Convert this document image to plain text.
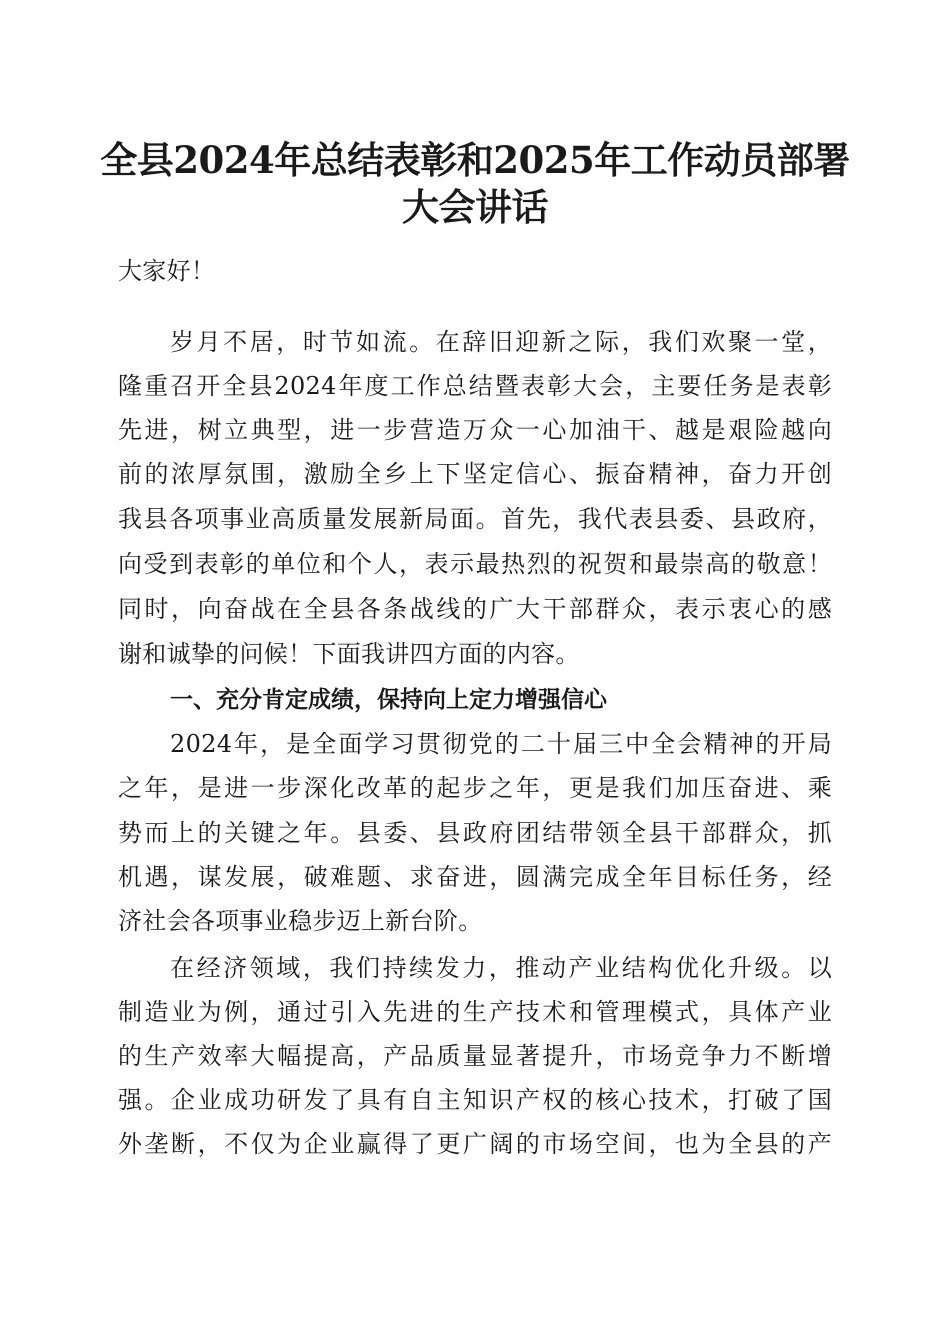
全县2024年总结表彰和2025年工作动员部署
大会讲话
大家好！
岁月不居，时节如流。在辞旧迎新之际，我们欢聚一堂，
隆重召开全县2024年度工作总结暨表彰大会，主要任务是表彰
先进，树立典型，进一步营造万众一心加油干、越是艰险越向
前的浓厚氛围，激励全乡上下坚定信心、振奋精神，奋力开创
我县各项事业高质量发展新局面。首先，我代表县委、县政府，
向受到表彰的单位和个人，表示最热烈的祝贺和最崇高的敬意！
同时，向奋战在全县各条战线的广大干部群众，表示衷心的感
谢和诚挚的问候！下面我讲四方面的内容。
一、充分肯定成绩，保持向上定力增强信心
2024年，是全面学习贯彻党的二十届三中全会精神的开局
之年，是进一步深化改革的起步之年，更是我们加压奋进、乘
势而上的关键之年。县委、县政府团结带领全县干部群众，抓
机遇，谋发展，破难题、求奋进，圆满完成全年目标任务，经
济社会各项事业稳步迈上新台阶。
在经济领域，我们持续发力，推动产业结构优化升级。以
制造业为例，通过引入先进的生产技术和管理模式，具体产业
的生产效率大幅提高，产品质量显著提升，市场竞争力不断增
强。企业成功研发了具有自主知识产权的核心技术，打破了国
外垄断，不仅为企业赢得了更广阔的市场空间，也为全县的产
